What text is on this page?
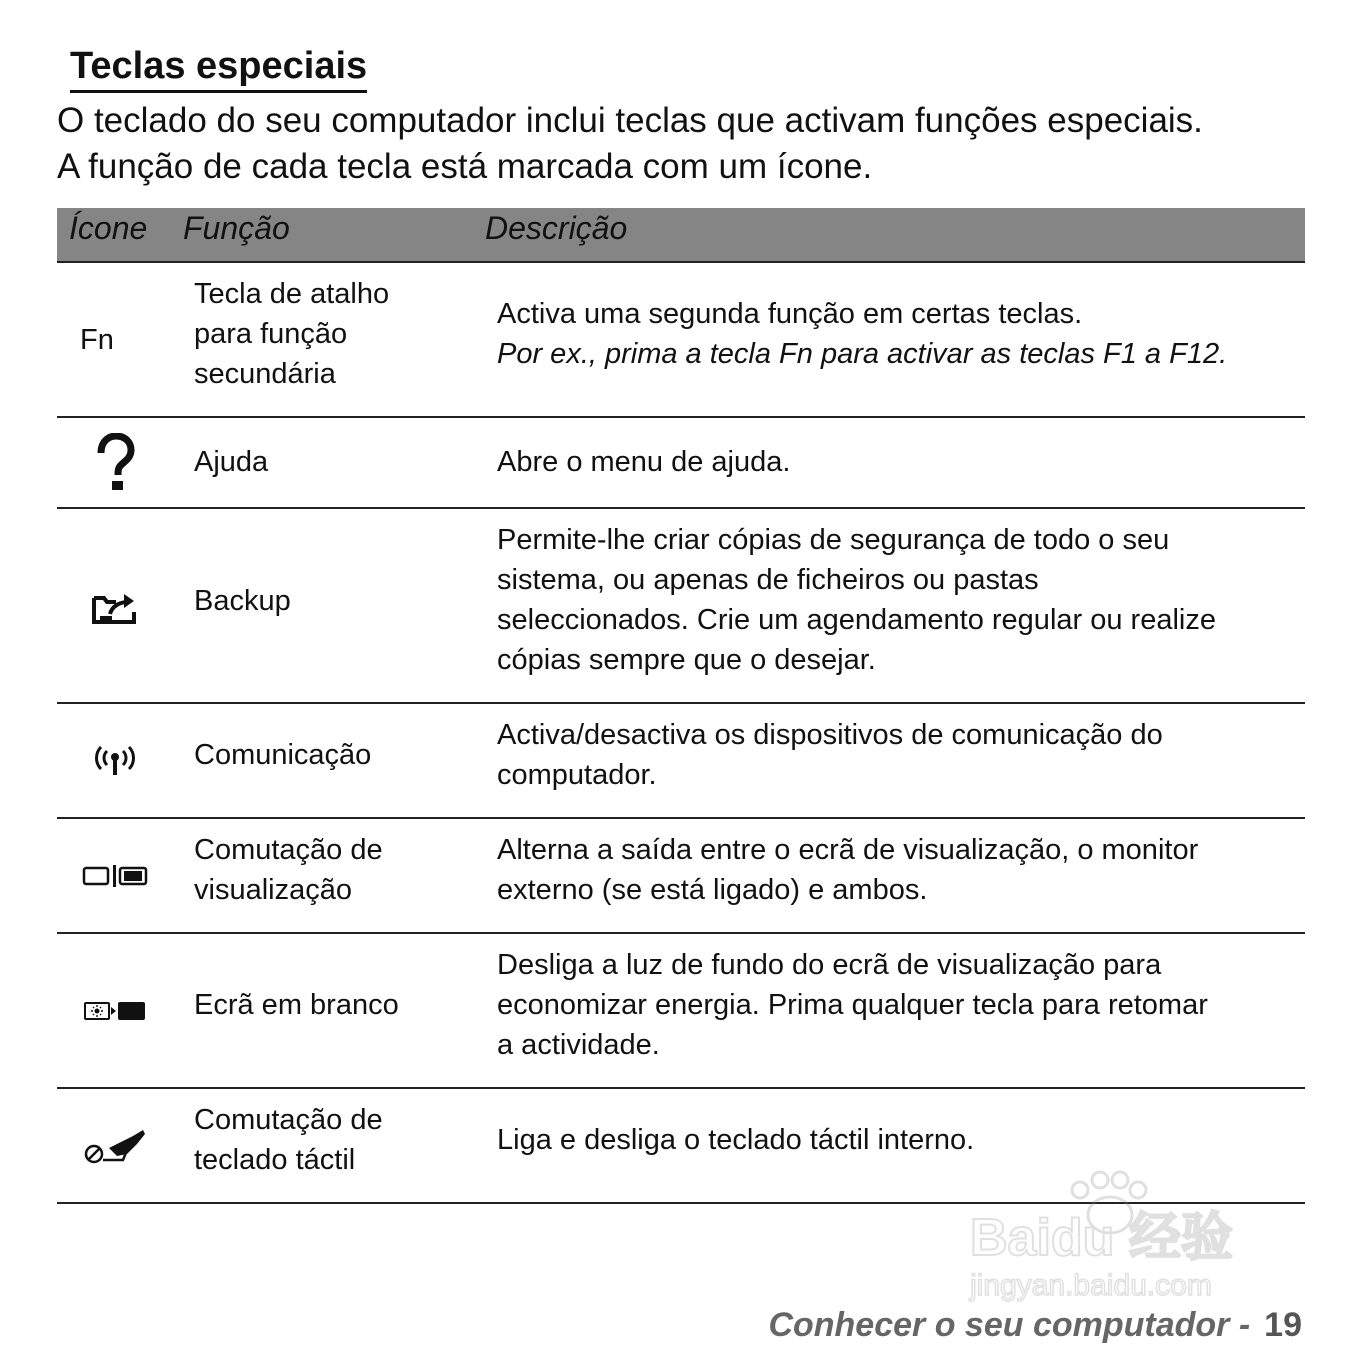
Teclas especiais

O teclado do seu computador inclui teclas que activam funções especiais.

A função de cada tecla está marcada com um ícone.

Ícone Função	Descrição
Fn
Tecla de atalho
para função
secundária
Activa uma segunda função em certas teclas.
Por ex., prima a tecla Fn para activar as teclas F1 a F12.
Ajuda	Abre o menu de ajuda.
Backup
Permite-lhe criar cópias de segurança de todo o seu
sistema, ou apenas de ficheiros ou pastas
seleccionados. Crie um agendamento regular ou realize
cópias sempre que o desejar.
Comunicação
Activa/desactiva os dispositivos de comunicação do
computador.
Comutação de
visualização
Alterna a saída entre o ecrã de visualização, o monitor
externo (se está ligado) e ambos.
Ecrã em branco
Desliga a luz de fundo do ecrã de visualização para
economizar energia. Prima qualquer tecla para retomar
a actividade.
Comutação de
teclado táctil
Liga e desliga o teclado táctil interno.
Baidu 经验
jingyan.baidu.com
Conhecer o seu computador - 19
